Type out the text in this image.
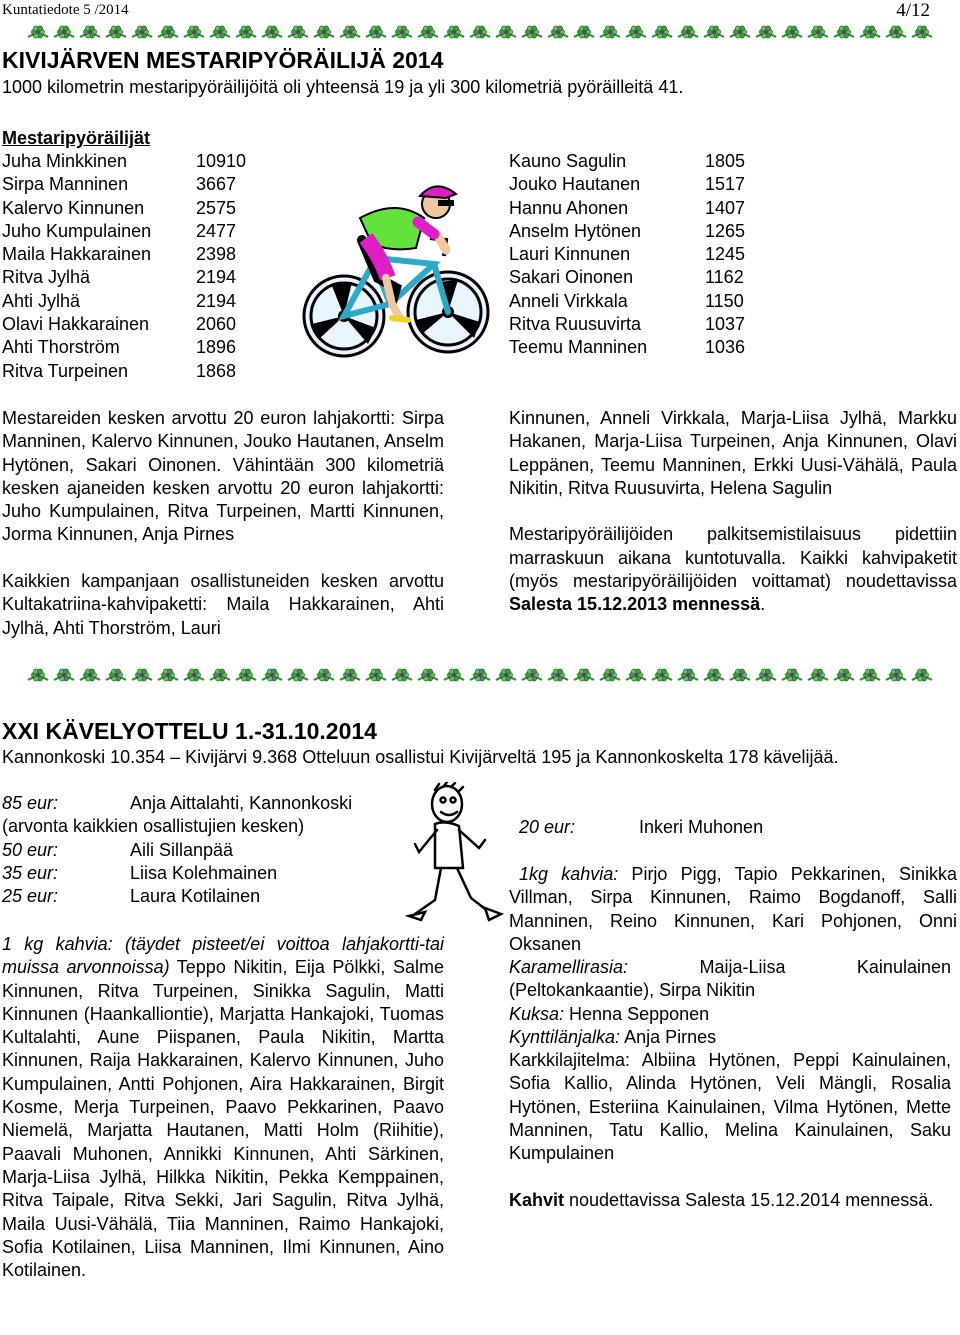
Kuntatiedote 5 /2014	4/12
KIVIJÄRVEN MESTARIPYÖRÄILIJÄ 2014
1000 kilometrin mestaripyöräilijöitä oli yhteensä 19 ja yli 300 kilometriä pyöräilleitä 41.
Mestaripyöräilijät
Juha Minkkinen	10910
Sirpa Manninen	3667
Kalervo Kinnunen	2575
Juho Kumpulainen	2477
Maila Hakkarainen	2398
Ritva Jylhä	2194
Ahti Jylhä	2194
Olavi Hakkarainen	2060
Ahti Thorström	1896
Ritva Turpeinen	1868
Kauno Sagulin	1805
Jouko Hautanen	1517
Hannu Ahonen	1407
Anselm Hytönen	1265
Lauri Kinnunen	1245
Sakari Oinonen	1162
Anneli Virkkala	1150
Ritva Ruusuvirta	1037
Teemu Manninen	1036

Mestareiden kesken arvottu 20 euron lahjakortti: Sirpa Manninen, Kalervo Kinnunen, Jouko Hautanen, Anselm Hytönen, Sakari Oinonen. Vähintään 300 kilometriä kesken ajaneiden kesken arvottu 20 euron lahjakortti: Juho Kumpulainen, Ritva Turpeinen, Martti Kinnunen, Jorma Kinnunen, Anja Pirnes

Kaikkien kampanjaan osallistuneiden kesken arvottu Kultakatriina-kahvipaketti: Maila Hakkarainen, Ahti Jylhä, Ahti Thorström, Lauri

Kinnunen, Anneli Virkkala, Marja-Liisa Jylhä, Markku Hakanen, Marja-Liisa Turpeinen, Anja Kinnunen, Olavi Leppänen, Teemu Manninen, Erkki Uusi-Vähälä, Paula Nikitin, Ritva Ruusuvirta, Helena Sagulin

Mestaripyöräilijöiden palkitsemistilaisuus pidettiin marraskuun aikana kuntotuvalla. Kaikki kahvipaketit (myös mestaripyöräilijöiden voittamat) noudettavissa Salesta 15.12.2013 mennessä.

XXI KÄVELYOTTELU 1.-31.10.2014
Kannonkoski 10.354 – Kivijärvi 9.368 Otteluun osallistui Kivijärveltä 195 ja Kannonkoskelta 178 kävelijää.
85 eur:	Anja Aittalahti, Kannonkoski
(arvonta kaikkien osallistujien kesken)
50 eur:	Aili Sillanpää
35 eur:	Liisa Kolehmainen
25 eur:	Laura Kotilainen

1 kg kahvia: (täydet pisteet/ei voittoa lahjakortti-tai muissa arvonnoissa) Teppo Nikitin, Eija Pölkki, Salme Kinnunen, Ritva Turpeinen, Sinikka Sagulin, Matti Kinnunen (Haankalliontie), Marjatta Hankajoki, Tuomas Kultalahti, Aune Piispanen, Paula Nikitin, Martta Kinnunen, Raija Hakkarainen, Kalervo Kinnunen, Juho Kumpulainen, Antti Pohjonen, Aira Hakkarainen, Birgit Kosme, Merja Turpeinen, Paavo Pekkarinen, Paavo Niemelä, Marjatta Hautanen, Matti Holm (Riihitie), Paavali Muhonen, Annikki Kinnunen, Ahti Särkinen, Marja-Liisa Jylhä, Hilkka Nikitin, Pekka Kemppainen, Ritva Taipale, Ritva Sekki, Jari Sagulin, Ritva Jylhä, Maila Uusi-Vähälä, Tiia Manninen, Raimo Hankajoki, Sofia Kotilainen, Liisa Manninen, Ilmi Kinnunen, Aino Kotilainen.

20 eur:	Inkeri Muhonen

1kg kahvia: Pirjo Pigg, Tapio Pekkarinen, Sinikka Villman, Sirpa Kinnunen, Raimo Bogdanoff, Salli Manninen, Reino Kinnunen, Kari Pohjonen, Onni Oksanen

Karamellirasia: Maija-Liisa Kainulainen (Peltokankaantie), Sirpa Nikitin
Kuksa: Henna Sepponen
Kynttilänjalka: Anja Pirnes
Karkkilajitelma: Albiina Hytönen, Peppi Kainulainen, Sofia Kallio, Alinda Hytönen, Veli Mängli, Rosalia Hytönen, Esteriina Kainulainen, Vilma Hytönen, Mette Manninen, Tatu Kallio, Melina Kainulainen, Saku Kumpulainen

Kahvit noudettavissa Salesta 15.12.2014 mennessä.
